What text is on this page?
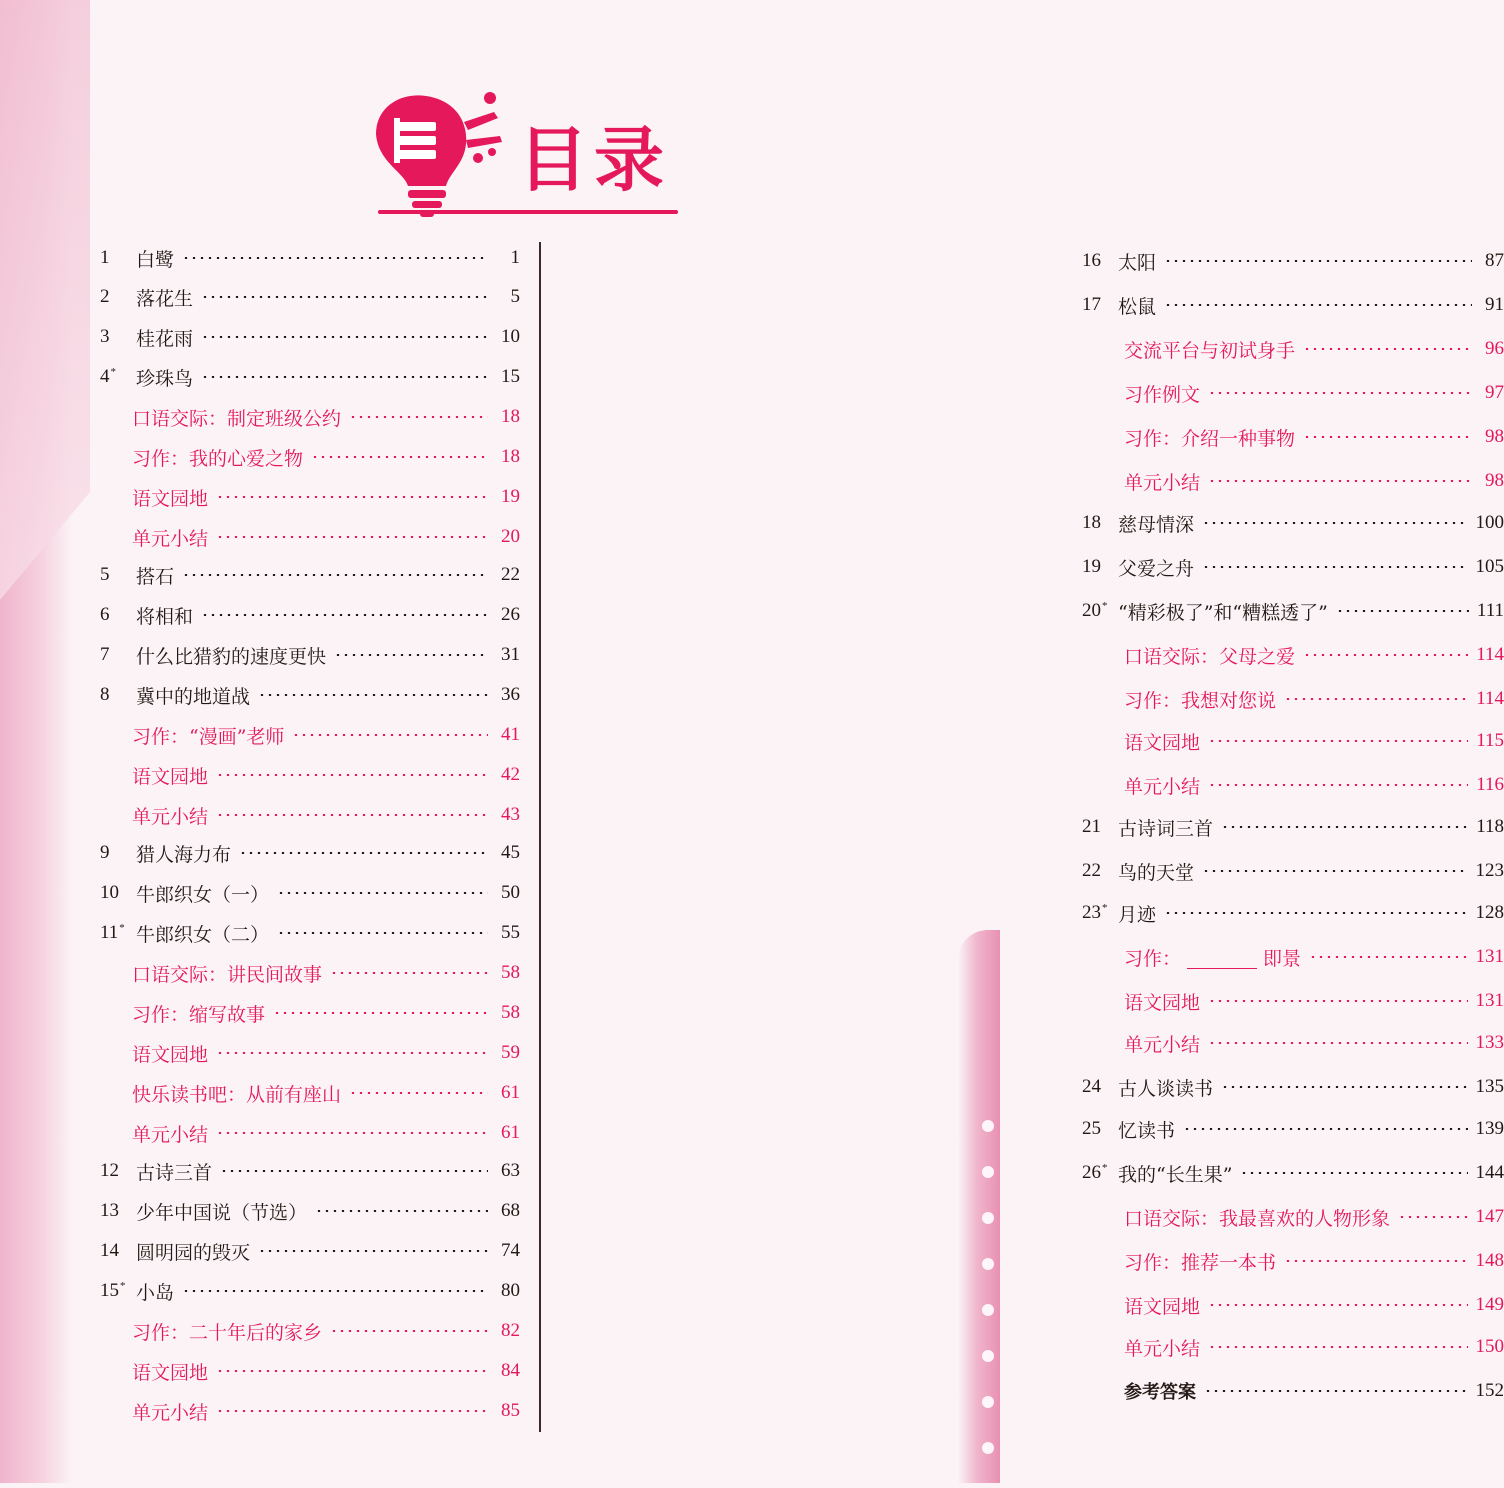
目录
1	白鹭	1
2	落花生	5
3	桂花雨	10
4*	珍珠鸟	15
口语交际：制定班级公约	18
习作：我的心爱之物	18
语文园地	19
单元小结	20
5	搭石	22
6	将相和	26
7	什么比猎豹的速度更快	31
8	冀中的地道战	36
习作：“漫画”老师	41
语文园地	42
单元小结	43
9	猎人海力布	45
10 牛郎织女（一）	50
11* 牛郎织女（二）	55
口语交际：讲民间故事	58
习作：缩写故事	58
语文园地	59
快乐读书吧：从前有座山	61
单元小结	61
12 古诗三首	63
13 少年中国说（节选）	68
14 圆明园的毁灭	74
15* 小岛	80
习作：二十年后的家乡	82
语文园地	84
单元小结	85
16 太阳	87
17 松鼠	91
交流平台与初试身手	96
习作例文	97
习作：介绍一种事物	98
单元小结	98
18 慈母情深	100
19 父爱之舟	105
20* “精彩极了”和“糟糕透了”	111
口语交际：父母之爱	114
习作：我想对您说	114
语文园地	115
单元小结	116
21 古诗词三首	118
22 鸟的天堂	123
23* 月迹	128
习作：	即景	131
语文园地	131
单元小结	133
24 古人谈读书	135
25 忆读书	139
26* 我的“长生果”	144
口语交际：我最喜欢的人物形象	147
习作：推荐一本书	148
语文园地	149
单元小结	150
参考答案	152
